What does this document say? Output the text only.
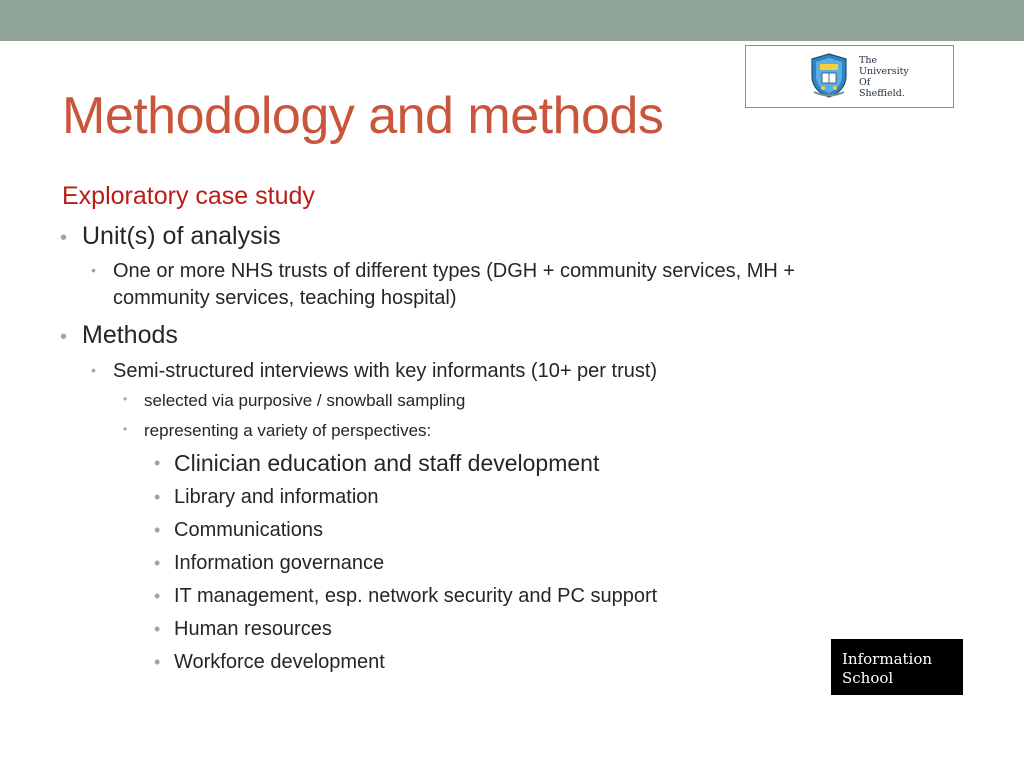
The
University
Of
Sheffield.
Methodology and methods
Exploratory case study
• Unit(s) of analysis
• One or more NHS trusts of different types (DGH + community services, MH +
community services, teaching hospital)
• Methods
• Semi-structured interviews with key informants (10+ per trust)
• selected via purposive / snowball sampling
• representing a variety of perspectives:
• Clinician education and staff development
• Library and information
• Communications
• Information governance
• IT management, esp. network security and PC support
• Human resources
• Workforce development	Information
School
